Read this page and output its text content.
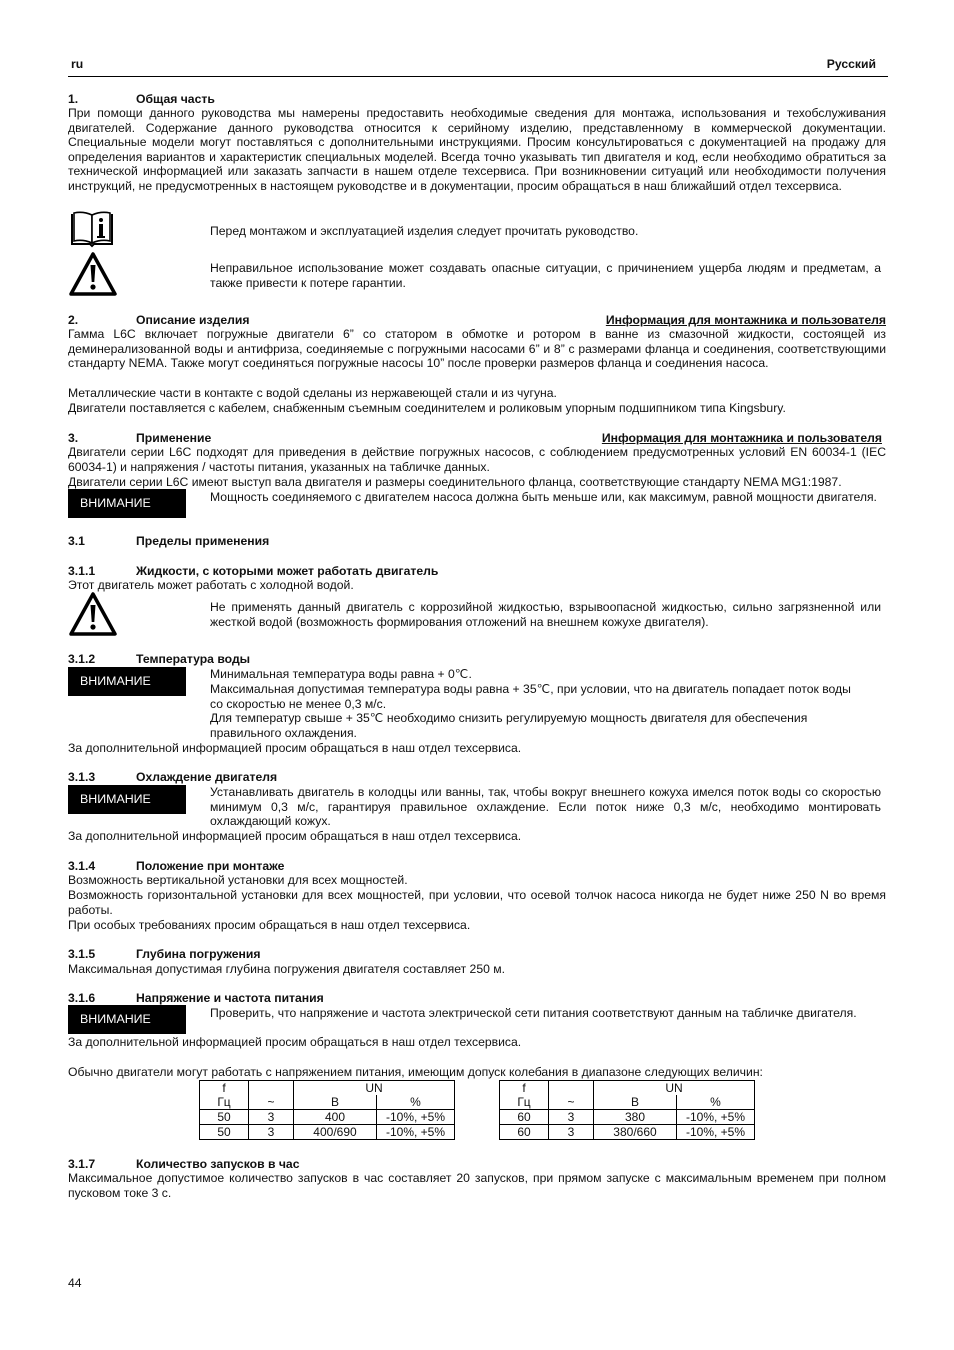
ru	Русский
1.	Общая часть
При помощи данного руководства мы намерены предоставить необходимые сведения для монтажа, использования и техобслуживания двигателей. Содержание данного руководства относится к серийному изделию, представленному в коммерческой документации. Специальные модели могут поставляться с дополнительными инструкциями. Просим консультироваться с документацией на продажу для определения вариантов и характеристик специальных моделей. Всегда точно указывать тип двигателя и код, если необходимо обратиться за технической информацией или заказать запчасти в нашем отделе техсервиса. При возникновении ситуаций или необходимости получения инструкций, не предусмотренных в настоящем руководстве и в документации, просим обращаться в наш ближайший отдел техсервиса.
Перед монтажом и эксплуатацией изделия следует прочитать руководство.
Неправильное использование может создавать опасные ситуации, с причинением ущерба людям и предметам, а также привести к потере гарантии.
2.	Описание изделия	Информация для монтажника и пользователя
Гамма L6C включает погружные двигатели 6” со статором в обмотке и ротором в ванне из смазочной жидкости, состоящей из деминерализованной воды и антифриза, соединяемые с погружными насосами 6” и 8” с размерами фланца и соединения, соответствующими стандарту NEMA. Также могут соединяться погружные насосы 10” после проверки размеров фланца и соединения насоса.
Металлические части в контакте с водой сделаны из нержавеющей стали и из чугуна.
Двигатели поставляется с кабелем, снабженным съемным соединителем и роликовым упорным подшипником типа Kingsbury.
3.	Применение	Информация для монтажника и пользователя
Двигатели серии L6C подходят для приведения в действие погружных насосов, с соблюдением предусмотренных условий EN 60034-1 (IEC 60034-1) и напряжения / частоты питания, указанных на табличке данных.
Двигатели серии L6C имеют выступ вала двигателя и размеры соединительного фланца, соответствующие стандарту NEMA MG1:1987.
ВНИМАНИЕ	Мощность соединяемого с двигателем насоса должна быть меньше или, как максимум, равной мощности двигателя.
3.1	Пределы применения
3.1.1	Жидкости, с которыми может работать двигатель
Этот двигатель может работать с холодной водой.
Не применять данный двигатель с коррозийной жидкостью, взрывоопасной жидкостью, сильно загрязненной или жесткой водой (возможность формирования отложений на внешнем кожухе двигателя).
3.1.2	Температура воды
ВНИМАНИЕ	Минимальная температура воды равна + 0℃.
Максимальная допустимая температура воды равна + 35℃, при условии, что на двигатель попадает поток воды со скоростью не менее 0,3 м/с.
Для температур свыше + 35℃ необходимо снизить регулируемую мощность двигателя для обеспечения правильного охлаждения.
За дополнительной информацией просим обращаться в наш отдел техсервиса.
3.1.3	Охлаждение двигателя
ВНИМАНИЕ	Устанавливать двигатель в колодцы или ванны, так, чтобы вокруг внешнего кожуха имелся поток воды со скоростью минимум 0,3 м/с, гарантируя правильное охлаждение. Если поток ниже 0,3 м/с, необходимо монтировать охлаждающий кожух.
За дополнительной информацией просим обращаться в наш отдел техсервиса.
3.1.4	Положение при монтаже
Возможность вертикальной установки для всех мощностей.
Возможность горизонтальной установки для всех мощностей, при условии, что осевой толчок насоса никогда не будет ниже 250 N во время работы.
При особых требованиях просим обращаться в наш отдел техсервиса.
3.1.5	Глубина погружения
Максимальная допустимая глубина погружения двигателя составляет 250 м.
3.1.6	Напряжение и частота питания
ВНИМАНИЕ	Проверить, что напряжение и частота электрической сети питания соответствуют данным на табличке двигателя.
За дополнительной информацией просим обращаться в наш отдел техсервиса.
Обычно двигатели могут работать с напряжением питания, имеющим допуск колебания в диапазоне следующих величин:
f		UN	
Гц	~	В	%
50	3	400	-10%, +5%
50	3	400/690	-10%, +5%
f		UN	
Гц	~	В	%
60	3	380	-10%, +5%
60	3	380/660	-10%, +5%
3.1.7	Количество запусков в час
Максимальное допустимое количество запусков в час составляет 20 запусков, при прямом запуске с максимальным временем при полном пусковом токе 3 с.
44
